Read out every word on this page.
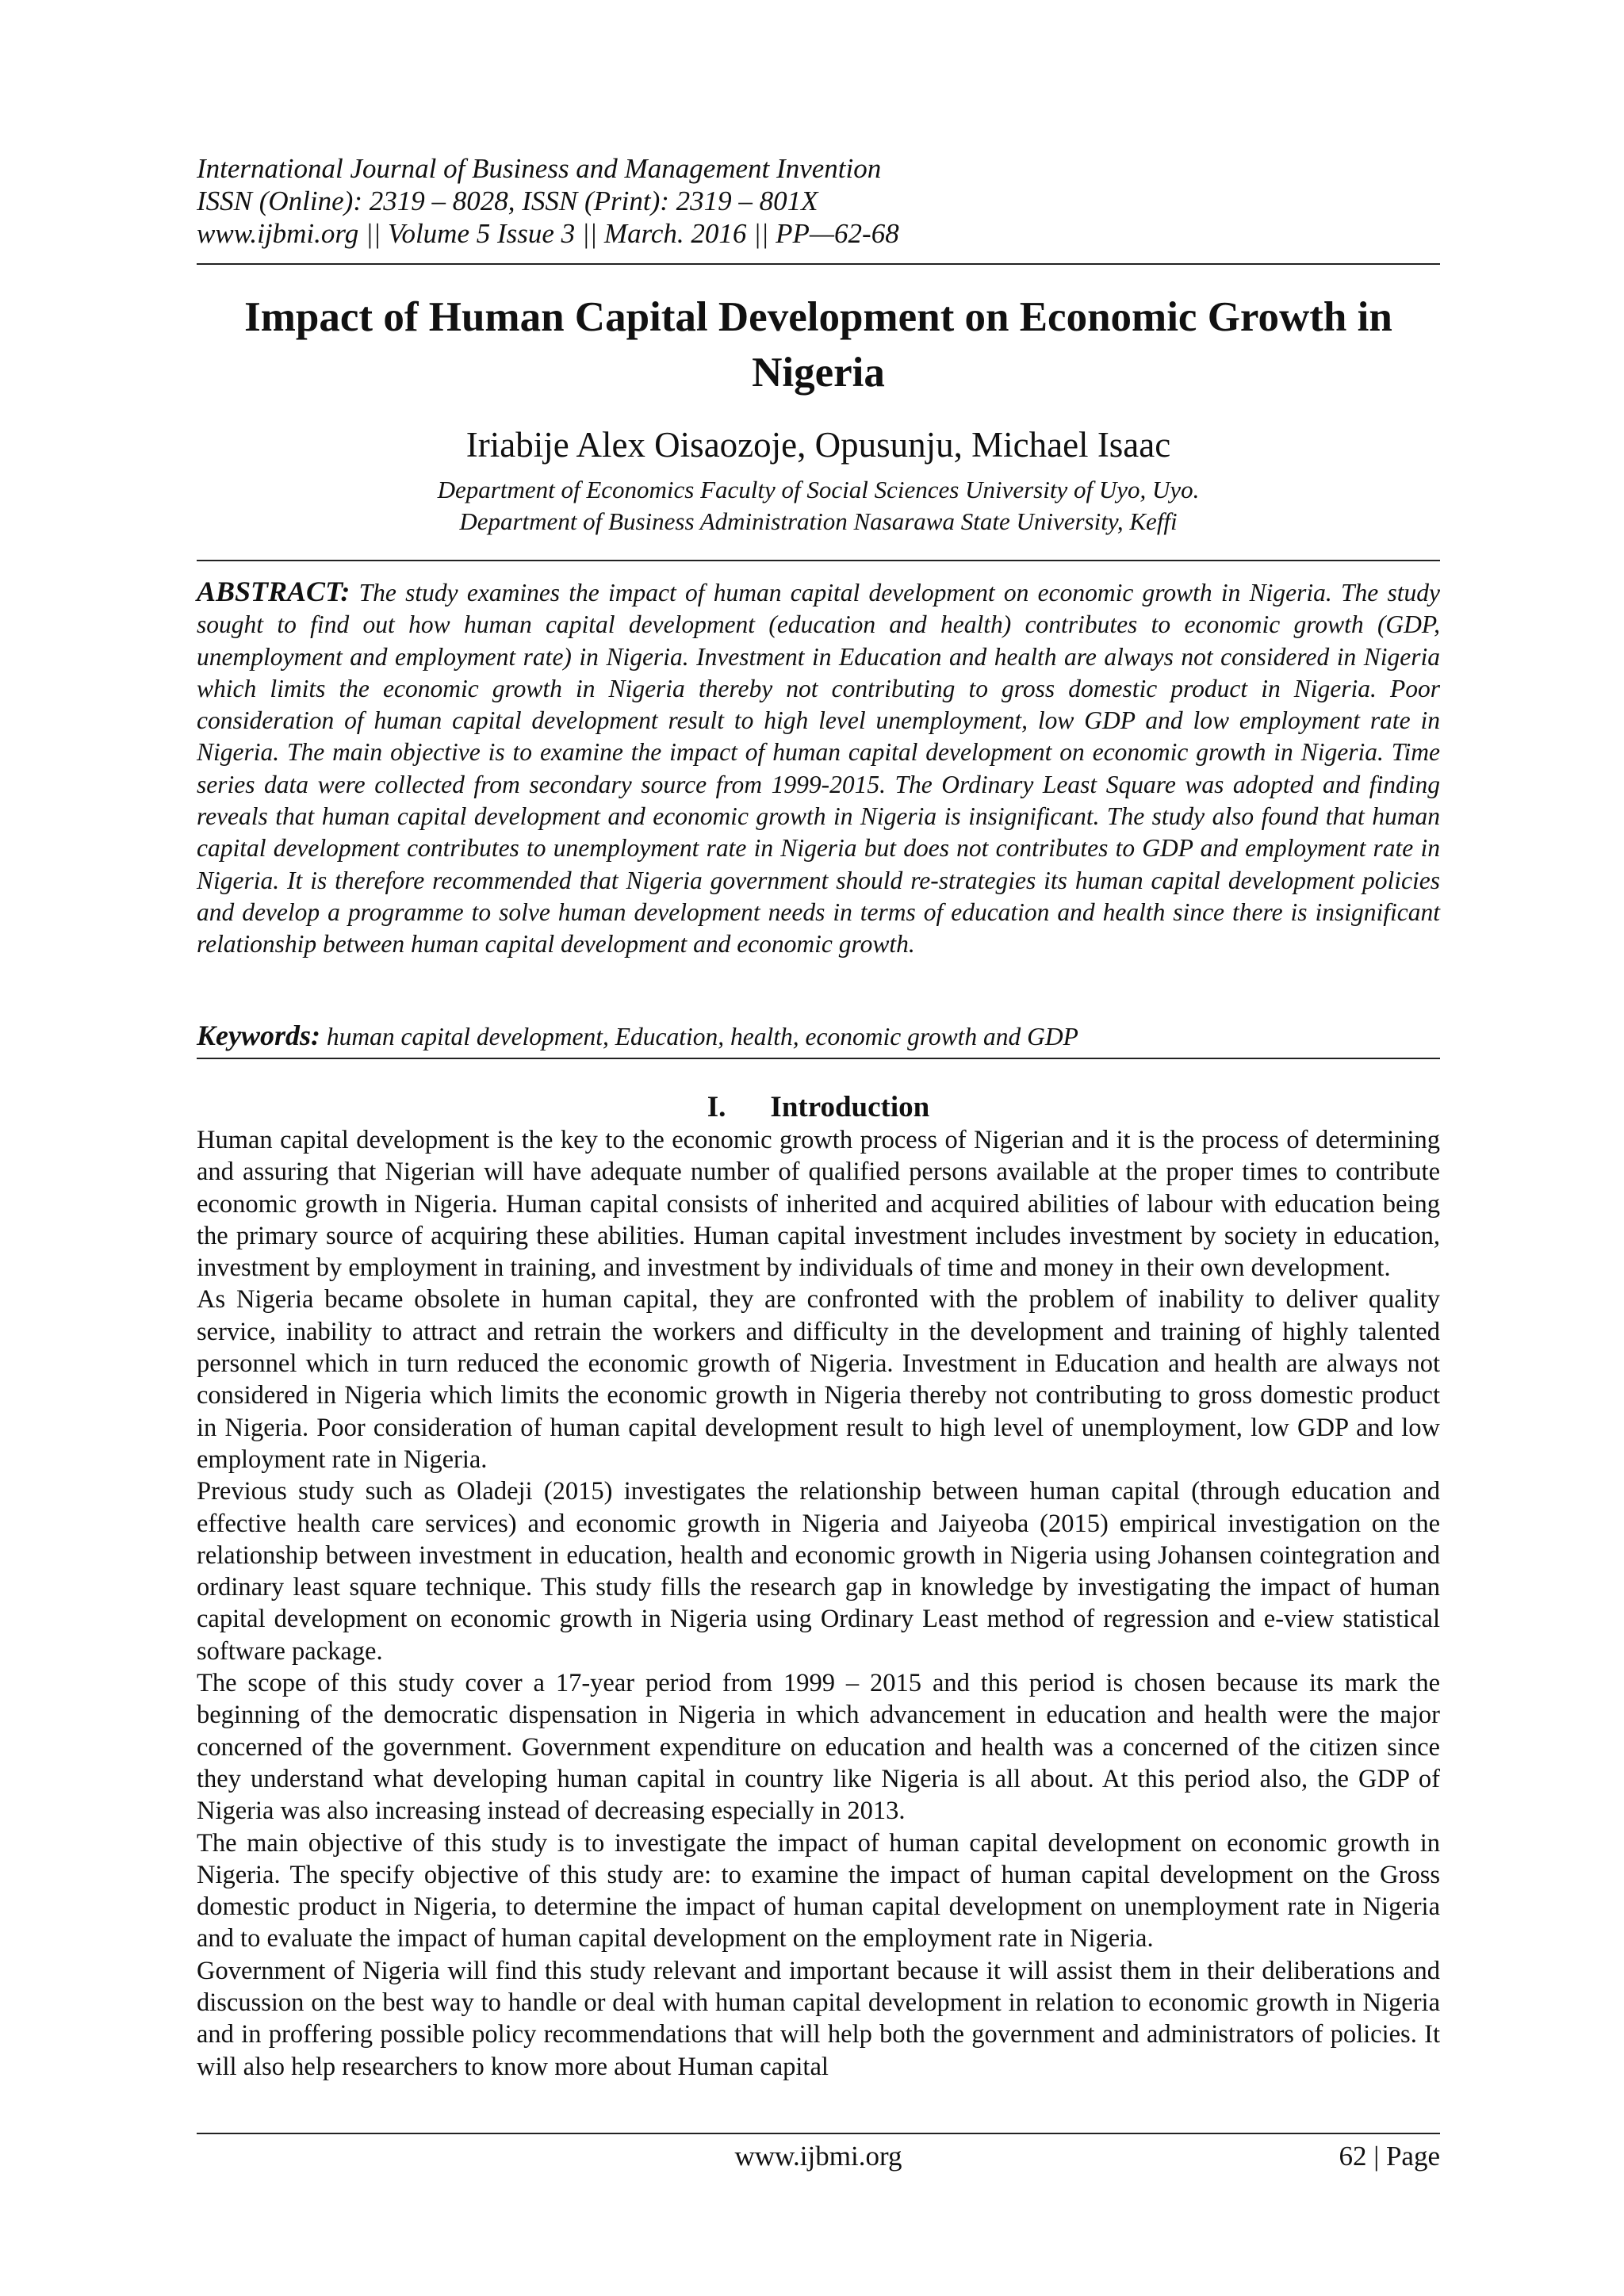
International Journal of Business and Management Invention
ISSN (Online): 2319 – 8028, ISSN (Print): 2319 – 801X
www.ijbmi.org || Volume 5 Issue 3 || March. 2016 || PP—62-68
Impact of Human Capital Development on Economic Growth in Nigeria
Iriabije Alex Oisaozoje, Opusunju, Michael Isaac
Department of Economics Faculty of Social Sciences University of Uyo, Uyo.
Department of Business Administration Nasarawa State University, Keffi
ABSTRACT: The study examines the impact of human capital development on economic growth in Nigeria. The study sought to find out how human capital development (education and health) contributes to economic growth (GDP, unemployment and employment rate) in Nigeria. Investment in Education and health are always not considered in Nigeria which limits the economic growth in Nigeria thereby not contributing to gross domestic product in Nigeria. Poor consideration of human capital development result to high level unemployment, low GDP and low employment rate in Nigeria. The main objective is to examine the impact of human capital development on economic growth in Nigeria. Time series data were collected from secondary source from 1999-2015. The Ordinary Least Square was adopted and finding reveals that human capital development and economic growth in Nigeria is insignificant. The study also found that human capital development contributes to unemployment rate in Nigeria but does not contributes to GDP and employment rate in Nigeria. It is therefore recommended that Nigeria government should re-strategies its human capital development policies and develop a programme to solve human development needs in terms of education and health since there is insignificant relationship between human capital development and economic growth.
Keywords: human capital development, Education, health, economic growth and GDP
I. Introduction

Human capital development is the key to the economic growth process of Nigerian and it is the process of determining and assuring that Nigerian will have adequate number of qualified persons available at the proper times to contribute economic growth in Nigeria. Human capital consists of inherited and acquired abilities of labour with education being the primary source of acquiring these abilities. Human capital investment includes investment by society in education, investment by employment in training, and investment by individuals of time and money in their own development.

As Nigeria became obsolete in human capital, they are confronted with the problem of inability to deliver quality service, inability to attract and retrain the workers and difficulty in the development and training of highly talented personnel which in turn reduced the economic growth of Nigeria. Investment in Education and health are always not considered in Nigeria which limits the economic growth in Nigeria thereby not contributing to gross domestic product in Nigeria. Poor consideration of human capital development result to high level of unemployment, low GDP and low employment rate in Nigeria.

Previous study such as Oladeji (2015) investigates the relationship between human capital (through education and effective health care services) and economic growth in Nigeria and Jaiyeoba (2015) empirical investigation on the relationship between investment in education, health and economic growth in Nigeria using Johansen cointegration and ordinary least square technique. This study fills the research gap in knowledge by investigating the impact of human capital development on economic growth in Nigeria using Ordinary Least method of regression and e-view statistical software package.

The scope of this study cover a 17-year period from 1999 – 2015 and this period is chosen because its mark the beginning of the democratic dispensation in Nigeria in which advancement in education and health were the major concerned of the government. Government expenditure on education and health was a concerned of the citizen since they understand what developing human capital in country like Nigeria is all about. At this period also, the GDP of Nigeria was also increasing instead of decreasing especially in 2013.

The main objective of this study is to investigate the impact of human capital development on economic growth in Nigeria. The specify objective of this study are: to examine the impact of human capital development on the Gross domestic product in Nigeria, to determine the impact of human capital development on unemployment rate in Nigeria and to evaluate the impact of human capital development on the employment rate in Nigeria.

Government of Nigeria will find this study relevant and important because it will assist them in their deliberations and discussion on the best way to handle or deal with human capital development in relation to economic growth in Nigeria and in proffering possible policy recommendations that will help both the government and administrators of policies. It will also help researchers to know more about Human capital

www.ijbmi.org	62 | Page
